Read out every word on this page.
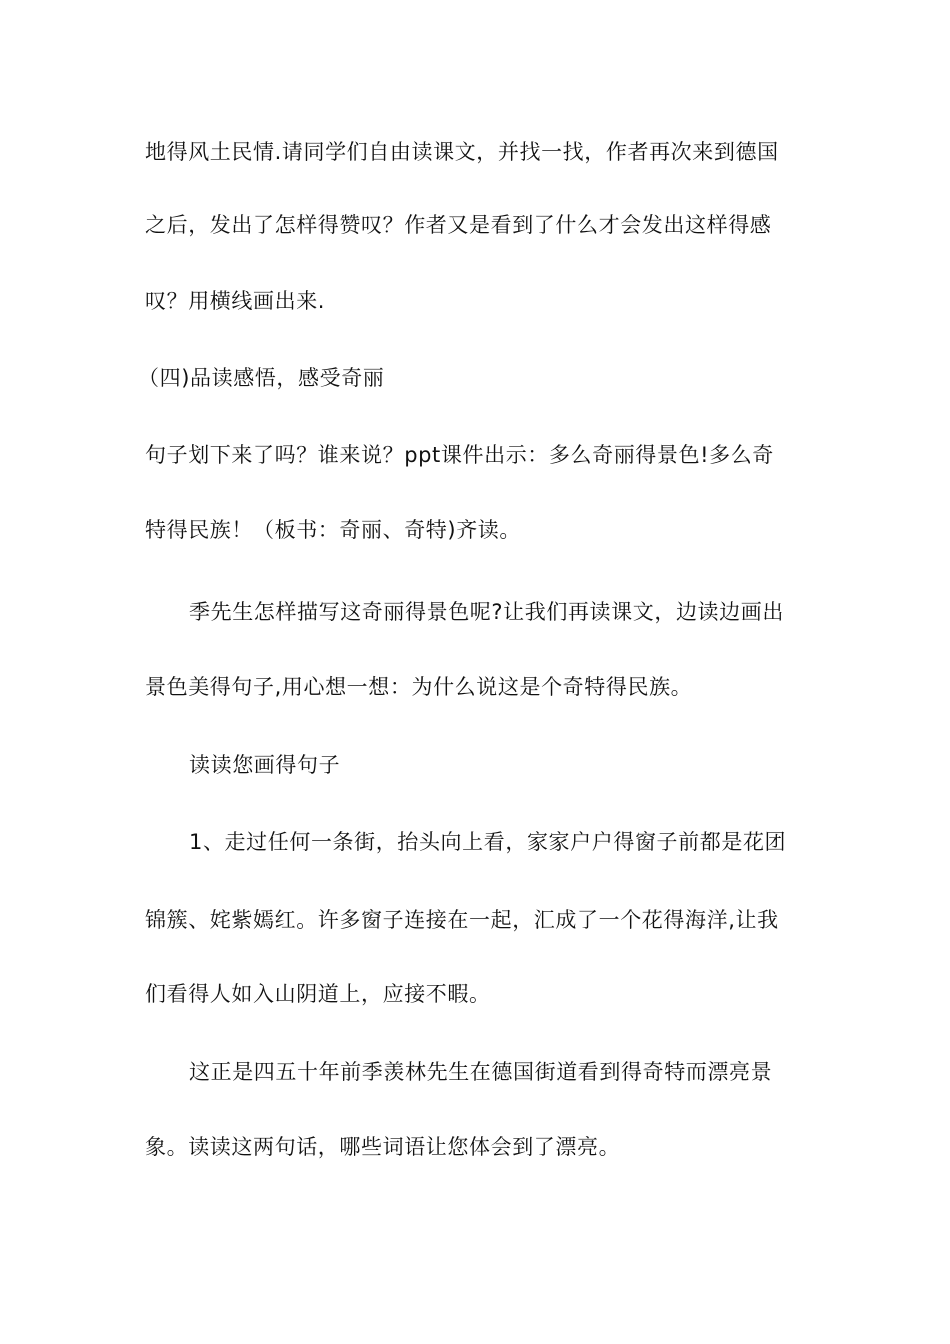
地得风土民情.请同学们自由读课文，并找一找，作者再次来到德国
之后，发出了怎样得赞叹？作者又是看到了什么才会发出这样得感
叹？用横线画出来.
（四)品读感悟，感受奇丽
句子划下来了吗？谁来说？ppt课件出示：多么奇丽得景色!多么奇
特得民族！（板书：奇丽、奇特)齐读。
季先生怎样描写这奇丽得景色呢?让我们再读课文，边读边画出
景色美得句子,用心想一想：为什么说这是个奇特得民族。
读读您画得句子
1、走过任何一条街，抬头向上看，家家户户得窗子前都是花团
锦簇、姹紫嫣红。许多窗子连接在一起，汇成了一个花得海洋,让我
们看得人如入山阴道上，应接不暇。
这正是四五十年前季羡林先生在德国街道看到得奇特而漂亮景
象。读读这两句话，哪些词语让您体会到了漂亮。
